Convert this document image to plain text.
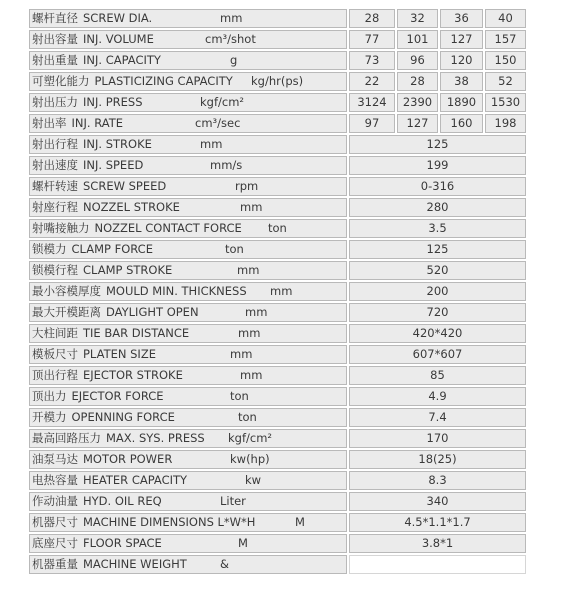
螺杆直径 SCREW DIA. mm	28	32	36	40
射出容量 INJ. VOLUME cm³/shot	77	101	127	157
射出重量 INJ. CAPACITY g	73	96	120	150
可塑化能力 PLASTICIZING CAPACITY kg/hr(ps)	22	28	38	52
射出压力 INJ. PRESS kgf/cm²	3124	2390	1890	1530
射出率 INJ. RATE cm³/sec	97	127	160	198
射出行程 INJ. STROKE mm	125			
射出速度 INJ. SPEED mm/s	199			
螺杆转速 SCREW SPEED rpm	0-316			
射座行程 NOZZEL STROKE mm	280			
射嘴接触力 NOZZEL CONTACT FORCE ton	3.5			
锁模力 CLAMP FORCE ton	125			
锁模行程 CLAMP STROKE mm	520			
最小容模厚度 MOULD MIN. THICKNESS mm	200			
最大开模距离 DAYLIGHT OPEN mm	720			
大柱间距 TIE BAR DISTANCE mm	420*420			
模板尺寸 PLATEN SIZE mm	607*607			
顶出行程 EJECTOR STROKE mm	85			
顶出力 EJECTOR FORCE ton	4.9			
开模力 OPENNING FORCE ton	7.4			
最高回路压力 MAX. SYS. PRESS kgf/cm²	170			
油泵马达 MOTOR POWER kw(hp)	18(25)			
电热容量 HEATER CAPACITY kw	8.3			
作动油量 HYD. OIL REQ Liter	340			
机器尺寸 MACHINE DIMENSIONS L*W*H M	4.5*1.1*1.7			
底座尺寸 FLOOR SPACE M	3.8*1			
机器重量 MACHINE WEIGHT &				
